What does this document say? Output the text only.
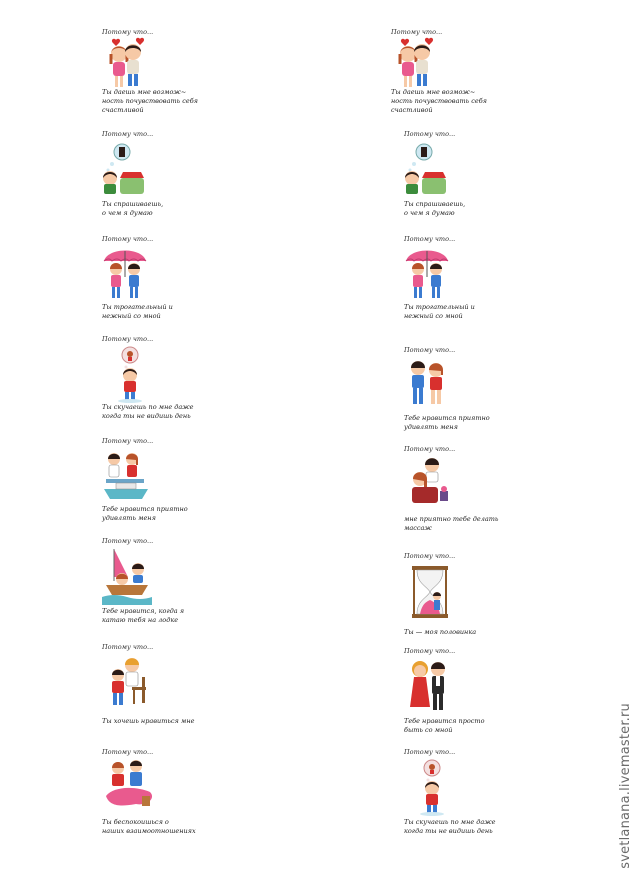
Потому что...
Ты даешь мне возмож~
ность почувствовать себя
счастливой
Потому что...
Ты спрашиваешь,
о чем я думаю
Потому что...
Ты трогательный и
нежный со мной
Потому что...
Ты скучаешь по мне даже
когда ты не видишь день
Потому что...
Тебе нравится приятно
удивлять меня
Потому что...
Тебе нравится, когда я
катаю тебя на лодке
Потому что...
Ты хочешь нравиться мне
Потому что...
Ты беспокоишься о
наших взаимоотношениях
Потому что...
Ты даешь мне возмож~
ность почувствовать себя
счастливой
Потому что...
Ты спрашиваешь,
о чем я думаю
Потому что...
Ты трогательный и
нежный со мной
Потому что...
Тебе нравится приятно
удивлять меня
Потому что...
мне приятно тебе делать
массаж
Потому что...
Ты — моя половинка
Потому что...
Тебе нравится просто
быть со мной
Потому что...
Ты скучаешь по мне даже
когда ты не видишь день	svetlanana.livemaster.ru
